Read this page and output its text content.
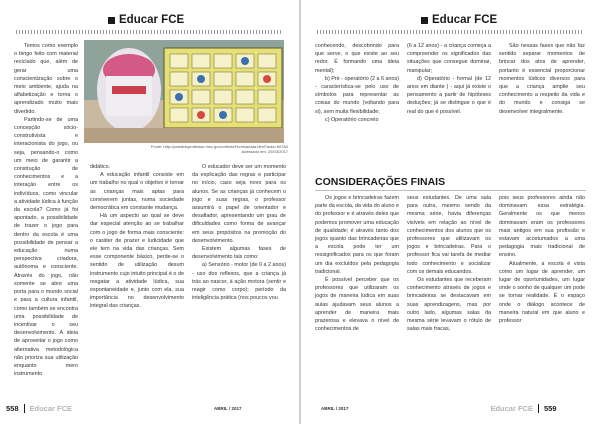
Educar FCE

Temos como exemplo o bingo feito com material reciclado que, além de gerar uma conscientização sobre o meio ambiente, ajuda na alfabetização e torna o aprendizado muito mais divertido.

Partindo-se de uma concepção sócio-construtivista e interacionista do jogo, ou seja, pensando-o como um meio de garantir a construção de conhecimentos e a interação entre os indivíduos, como vincular a atividade lúdica à função da escola? Como já foi apontado, a possibilidade de trazer o jogo para dentro da escola é uma possibilidade de pensar a educação numa perspectiva criadora, autônoma e consciente. Através do jogo, não somente se abre uma porta para o mundo social e para a cultura infantil, como também se encontra uma possibilidade de incentivar o seu desenvolvimento. A ideia de aproveitar o jogo como alternativa metodológica não prioriza sua utilização enquanto mero instrumento

Fonte: http://portaldoprofessor.mec.gov.br/fichaTecnicaAula.html?aula=56784 Acessado em: 25/03/2017

didático.

A educação infantil consiste em um trabalho no qual o objetivo é tornar as crianças mais aptas para conviverem juntas, numa sociedade democrática em constante mudança.

Há um aspecto ao qual se deve dar especial atenção ao se trabalhar com o jogo de forma mais consciente: o caráter de prazer e ludicidade que ele tem na vida das crianças. Sem esse componente básico, perde-se o sentido de utilização desum instrumento cujo intuito principal é o de resgatar a atividade lúdica, sua espontaneidade e, junto com ela, sua importância no desenvolvimento integral das crianças.

O educador deve ser um momento da explicação das regras e participar no início, caso seja novo para os alunos. Se as crianças já conhecem o jogo e suas regras, o professor assumirá o papel de orientador e desafiador, apresentando um grau de dificuldades como forma de avançar em seus propósitos na promoção do desenvolvimento.

Existem algumas fases de desenvolvimento tais como:

a) Sensório - motor (de 0 a 2 anos) - uso dos reflexos, que a criança já trás ao nascer, à ação motora (sentir e reagir como corpo); período da inteligência prática (nos poucos vou

558 Educar FCE	ABRIL / 2017
Educar FCE

conhecendo, descobrindo para que serve, o que existe ao seu redor. É formando uma ideia mental);

b) Pré - operatório (2 a 6 anos) - característica-se pelo uso de símbolos para representar as coisas do mundo (voltando para si), sem muita flexibilidade;

c) Operatório concreto

(6 a 12 anos) - a criança começa a compreender os significados das situações que consegue dominar, manipular;

d) Operatório - formal (de 12 anos em diante ) - aqui já existe o pensamento a partir de hipóteses deduções; já se distingue o que é real do que é possível.

São nessas fases que não faz sentido separar momentos de brincar dos atos de aprender, portanto é essencial proporcionar momentos lúdicos diversos para que a criança ampliе seu conhecimento a respeito da vida e do mundo e consiga se desenvolver integralmente.

CONSIDERAÇÕES FINAIS

Os jogos e brincadeiras fazem parte da escola, da vida do aluno e do professor e é através deles que podemos promover uma educação de qualidade; é através tanto dos jogos quanto das brincadeiras que a escola pode ter um ressignificados para os que foram um dia excluídos pela pedagogia tradicional.

É possível perceber que os professores que utilizaram os jogos de maneira lúdica em suas aulas ajudavam seus alunos a aprender de maneira mais prazerosa e elevava o nível de conhecimentos de

seus estudantes. De uma sala para outra, mesmo sendo da mesma série, havia diferenças visíveis em relação ao nível de conhecimentos dos alunos que os professores que utilizavam os jogos e brincadeiras. Para o professor fica vai tarefa de mediar todo conhecimento e socializar com os demais educandos.

Os estudantes que receberam conhecimento através de jogos e brincadeiras se destacavam em suas aprendizagens, mas por outro lado, algumas salas da mesma série levavam o rótulo de salas mais fracas,

pois seus professores ainda não dominavam essa estratégia. Geralmente os que menos dominavam eram os professores mais antigos em sua profissão e estavam acostumados a uma pedagogia mais tradicional de ensino.

Atualmente, a escola é vista como um lugar de aprender, um lugar de oportunidades, um lugar onde o sonho de qualquer um pode se tornar realidade. É o espaço onde o diálogo acontece de maneira natural em que aluno e professor

ABRIL / 2017	Educar FCE 559
